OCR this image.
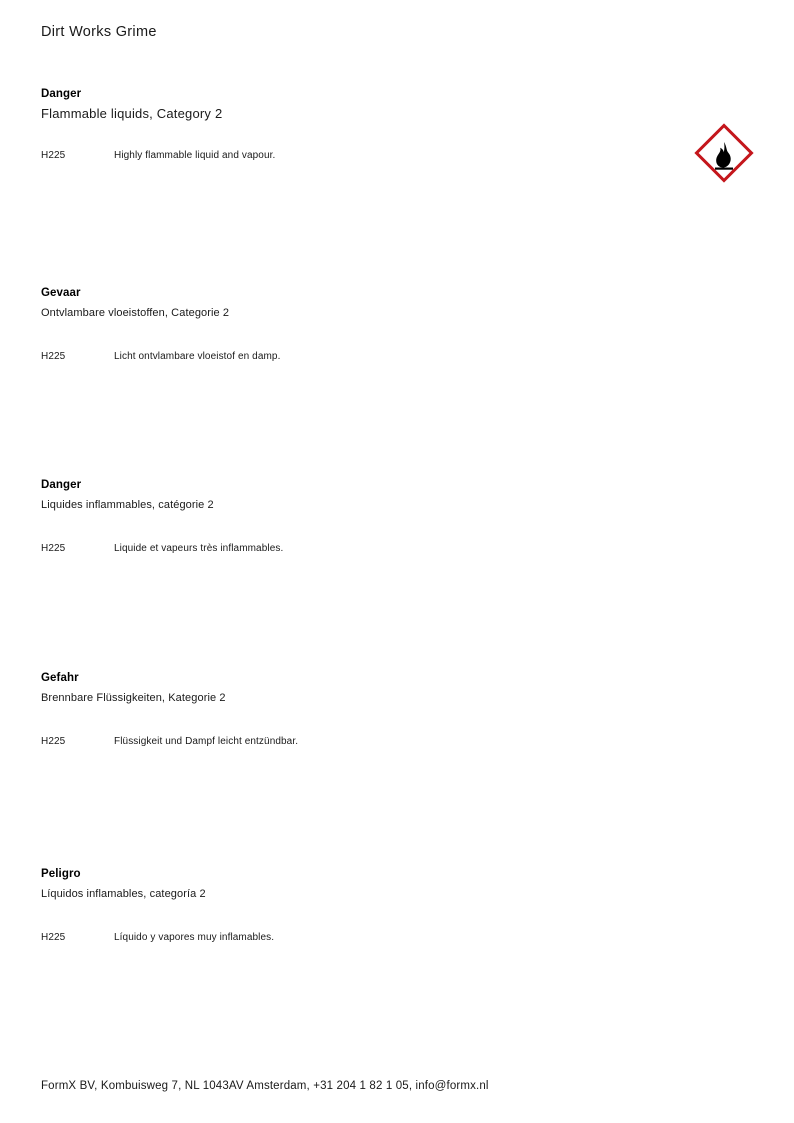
Dirt Works Grime

Danger

Flammable liquids, Category 2

H225	Highly flammable liquid and vapour.

Gevaar

Ontvlambare vloeistoffen, Categorie 2

H225	Licht ontvlambare vloeistof en damp.

Danger

Liquides inflammables, catégorie 2

H225	Liquide et vapeurs très inflammables.

Gefahr

Brennbare Flüssigkeiten, Kategorie 2

H225	Flüssigkeit und Dampf leicht entzündbar.

Peligro

Líquidos inflamables, categoría 2

H225	Líquido y vapores muy inflamables.
FormX BV, Kombuisweg 7, NL 1043AV Amsterdam, +31 204 1 82 1 05, info@formx.nl
